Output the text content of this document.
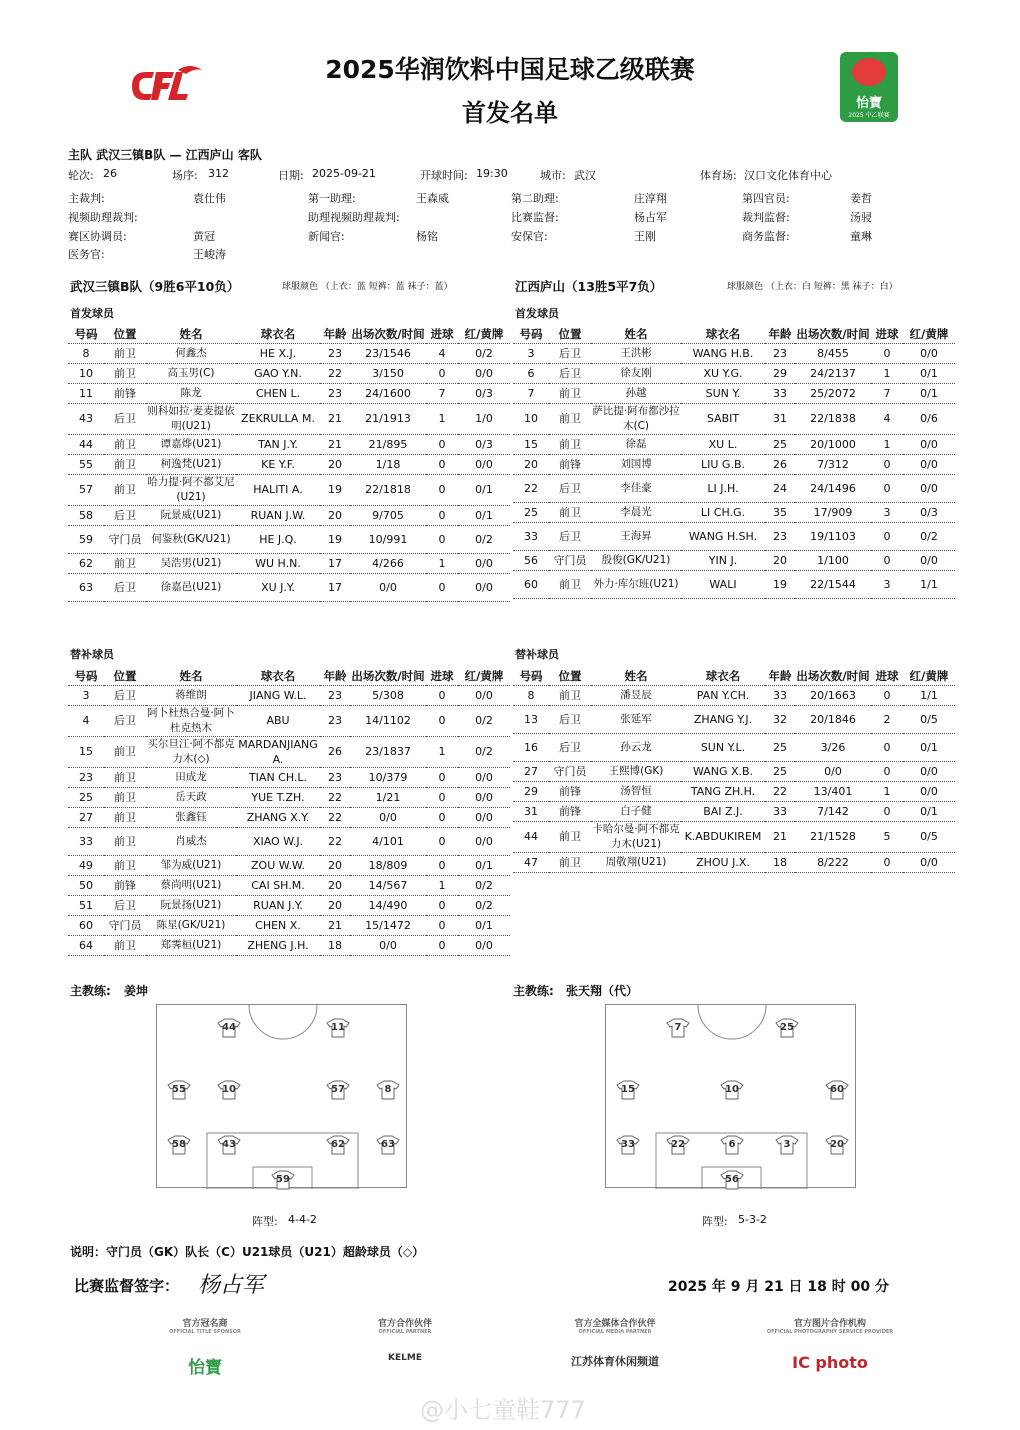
怡寶
2025 中乙联赛
2025华润饮料中国足球乙级联赛
首发名单
主队 武汉三镇B队 — 江西庐山 客队
轮次: 26	场序: 312	日期: 2025-09-21	开球时间: 19:30	城市: 武汉	体育场: 汉口文化体育中心
主裁判:	袁仕伟	第一助理:	王森威	第二助理:	庄淳翔	第四官员:	姜哲
视频助理裁判:	助理视频助理裁判:	比赛监督:	杨占军	裁判监督:	汤骎
赛区协调员:	黄冠	新闻官:	杨铭	安保官:	王刚	商务监督:	童琳
医务官:	王峻涛
武汉三镇B队（9胜6平10负）	球服颜色 （上衣：蓝 短裤：蓝 袜子：蓝）	江西庐山（13胜5平7负）	球服颜色 （上衣：白 短裤：黑 袜子：白）
首发球员	首发球员
替补球员	替补球员
号码	位置	姓名	球衣名	年龄	出场次数/时间	进球	红/黄牌
8	前卫	何鑫杰	HE X.J.	23	23/1546	4	0/2
10	前卫	高玉男(C)	GAO Y.N.	22	3/150	0	0/0
11	前锋	陈龙	CHEN L.	23	24/1600	7	0/3
43	后卫	则科如拉·麦麦提依明(U21)	ZEKRULLA M.	21	21/1913	1	1/0
44	前卫	谭嘉烨(U21)	TAN J.Y.	21	21/895	0	0/3
55	前卫	柯逸梵(U21)	KE Y.F.	20	1/18	0	0/0
57	前卫	哈力提·阿不都艾尼(U21)	HALITI A.	19	22/1818	0	0/1
58	后卫	阮景威(U21)	RUAN J.W.	20	9/705	0	0/1
59	守门员	何鉴秋(GK/U21)	HE J.Q.	19	10/991	0	0/2
62	前卫	吴浩男(U21)	WU H.N.	17	4/266	1	0/0
63	后卫	徐嘉邑(U21)	XU J.Y.	17	0/0	0	0/0
号码	位置	姓名	球衣名	年龄	出场次数/时间	进球	红/黄牌
3	后卫	王洪彬	WANG H.B.	23	8/455	0	0/0
6	后卫	徐友刚	XU Y.G.	29	24/2137	1	0/1
7	前卫	孙越	SUN Y.	33	25/2072	7	0/1
10	前卫	萨比提·阿布都沙拉木(C)	SABIT	31	22/1838	4	0/6
15	前卫	徐磊	XU L.	25	20/1000	1	0/0
20	前锋	刘国博	LIU G.B.	26	7/312	0	0/0
22	后卫	李佳豪	LI J.H.	24	24/1496	0	0/0
25	前卫	李晨光	LI CH.G.	35	17/909	3	0/3
33	后卫	王海昇	WANG H.SH.	23	19/1103	0	0/2
56	守门员	殷俊(GK/U21)	YIN J.	20	1/100	0	0/0
60	前卫	外力·库尔班(U21)	WALI	19	22/1544	3	1/1
号码	位置	姓名	球衣名	年龄	出场次数/时间	进球	红/黄牌
3	后卫	蒋维朗	JIANG W.L.	23	5/308	0	0/0
4	后卫	阿卜杜热合曼·阿卜杜克热木	ABU	23	14/1102	0	0/2
15	前卫	买尔旦江·阿不都克力木(◇)	MARDANJIANG A.	26	23/1837	1	0/2
23	前卫	田成龙	TIAN CH.L.	23	10/379	0	0/0
25	前卫	岳天政	YUE T.ZH.	22	1/21	0	0/0
27	前卫	张鑫钰	ZHANG X.Y.	22	0/0	0	0/0
33	前卫	肖威杰	XIAO W.J.	22	4/101	0	0/0
49	前卫	邹为威(U21)	ZOU W.W.	20	18/809	0	0/1
50	前锋	蔡尚明(U21)	CAI SH.M.	20	14/567	1	0/2
51	后卫	阮景扬(U21)	RUAN J.Y.	20	14/490	0	0/2
60	守门员	陈星(GK/U21)	CHEN X.	21	15/1472	0	0/1
64	前卫	郑霁桓(U21)	ZHENG J.H.	18	0/0	0	0/0
号码	位置	姓名	球衣名	年龄	出场次数/时间	进球	红/黄牌
8	前卫	潘昱辰	PAN Y.CH.	33	20/1663	0	1/1
13	后卫	张延军	ZHANG Y.J.	32	20/1846	2	0/5
16	后卫	孙云龙	SUN Y.L.	25	3/26	0	0/1
27	守门员	王熙博(GK)	WANG X.B.	25	0/0	0	0/0
29	前锋	汤智恒	TANG ZH.H.	22	13/401	1	0/0
31	前锋	白子健	BAI Z.J.	33	7/142	0	0/1
44	前卫	卡哈尔曼·阿不都克力木(U21)	K.ABDUKIREM	21	21/1528	5	0/5
47	前卫	周敬翔(U21)	ZHOU J.X.	18	8/222	0	0/0
主教练: 姜坤	主教练: 张天翔（代）
44	11
55	10	57	8
58	43	62	63
59
7	25
15	10	60
33	22	6	3	20
56
阵型: 4-4-2	阵型: 5-3-2
说明：守门员（GK）队长（C）U21球员（U21）超龄球员（◇）
比赛监督签字： 杨占军	2025 年 9 月 21 日 18 时 00 分
官方冠名商
OFFICIAL TITLE SPONSOR
怡寶
官方合作伙伴
OFFICIAL PARTNER
KELME
官方全媒体合作伙伴
OFFICIAL MEDIA PARTNER
江苏体育休闲频道
官方图片合作机构
OFFICIAL PHOTOGRAPHY SERVICE PROVIDER
IC photo
@小七童鞋777
